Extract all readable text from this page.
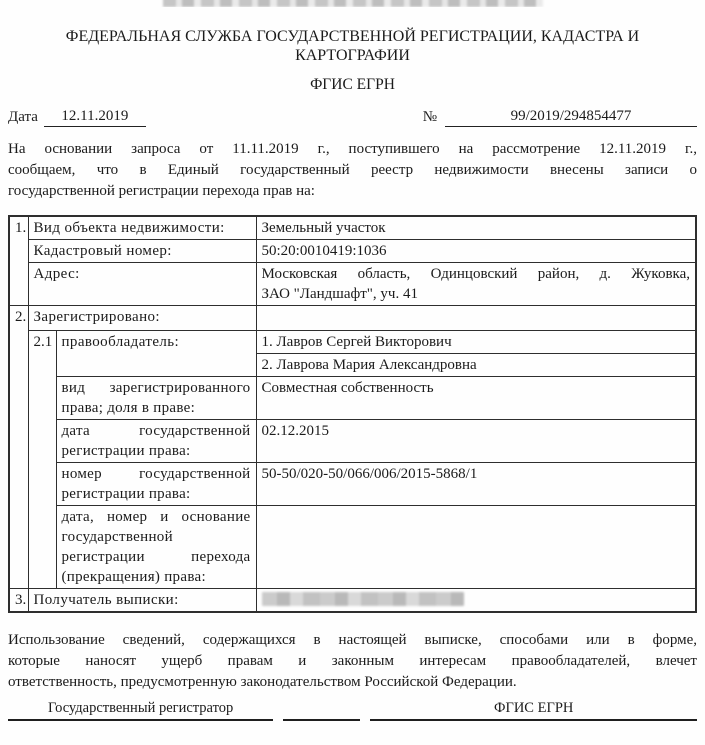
ФЕДЕРАЛЬНАЯ СЛУЖБА ГОСУДАРСТВЕННОЙ РЕГИСТРАЦИИ, КАДАСТРА И
КАРТОГРАФИИ
ФГИС ЕГРН
Дата	12.11.2019	№	99/2019/294854477
На основании запроса от 11.11.2019 г., поступившего на рассмотрение 12.11.2019 г.,
сообщаем, что в Единый государственный реестр недвижимости внесены записи о
государственной регистрации перехода прав на:
1.	Вид объекта недвижимости:		Земельный участок
	Кадастровый номер:		50:20:0010419:1036
	Адрес:		Московская область, Одинцовский район, д. Жуковка,
ЗАО "Ландшафт", уч. 41

2.	Зарегистрировано:		
	2.1	правообладатель:	1. Лавров Сергей Викторович
			2. Лаврова Мария Александровна
		вид зарегистрированного права; доля в праве:	Совместная собственность
		дата государственной регистрации права:	02.12.2015
		номер государственной регистрации права:	50-50/020-50/066/006/2015-5868/1
		дата, номер и основание государственной регистрации перехода (прекращения) права:	
3.	Получатель выписки:		
Использование сведений, содержащихся в настоящей выписке, способами или в форме,
которые наносят ущерб правам и законным интересам правообладателей, влечет
ответственность, предусмотренную законодательством Российской Федерации.
Государственный регистратор	ФГИС ЕГРН
